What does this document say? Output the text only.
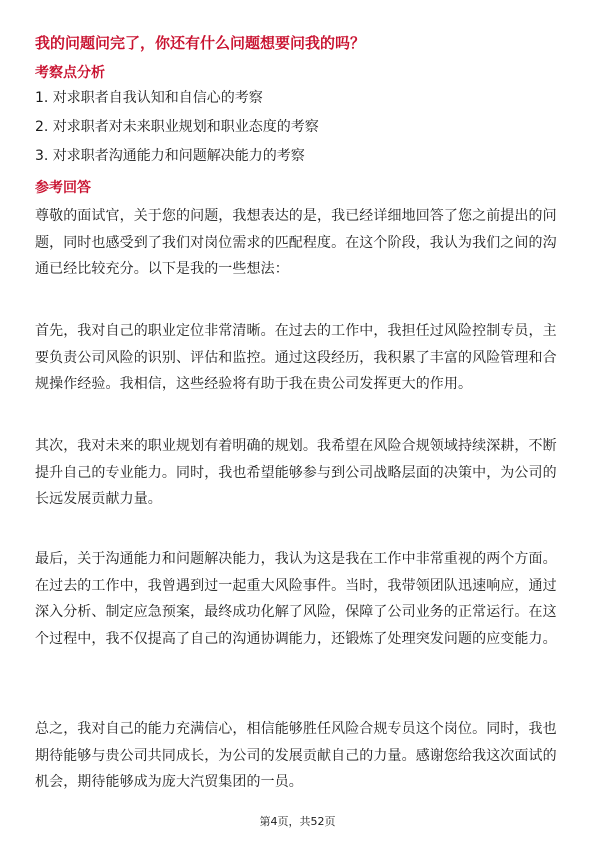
我的问题问完了，你还有什么问题想要问我的吗？
考察点分析
1. 对求职者自我认知和自信心的考察
2. 对求职者对未来职业规划和职业态度的考察
3. 对求职者沟通能力和问题解决能力的考察
参考回答
尊敬的面试官，关于您的问题，我想表达的是，我已经详细地回答了您之前提出的问题，同时也感受到了我们对岗位需求的匹配程度。在这个阶段，我认为我们之间的沟通已经比较充分。以下是我的一些想法：
首先，我对自己的职业定位非常清晰。在过去的工作中，我担任过风险控制专员，主要负责公司风险的识别、评估和监控。通过这段经历，我积累了丰富的风险管理和合规操作经验。我相信，这些经验将有助于我在贵公司发挥更大的作用。
其次，我对未来的职业规划有着明确的规划。我希望在风险合规领域持续深耕，不断提升自己的专业能力。同时，我也希望能够参与到公司战略层面的决策中，为公司的长远发展贡献力量。
最后，关于沟通能力和问题解决能力，我认为这是我在工作中非常重视的两个方面。在过去的工作中，我曾遇到过一起重大风险事件。当时，我带领团队迅速响应，通过深入分析、制定应急预案，最终成功化解了风险，保障了公司业务的正常运行。在这个过程中，我不仅提高了自己的沟通协调能力，还锻炼了处理突发问题的应变能力。
总之，我对自己的能力充满信心，相信能够胜任风险合规专员这个岗位。同时，我也期待能够与贵公司共同成长，为公司的发展贡献自己的力量。感谢您给我这次面试的机会，期待能够成为庞大汽贸集团的一员。
第4页，共52页
